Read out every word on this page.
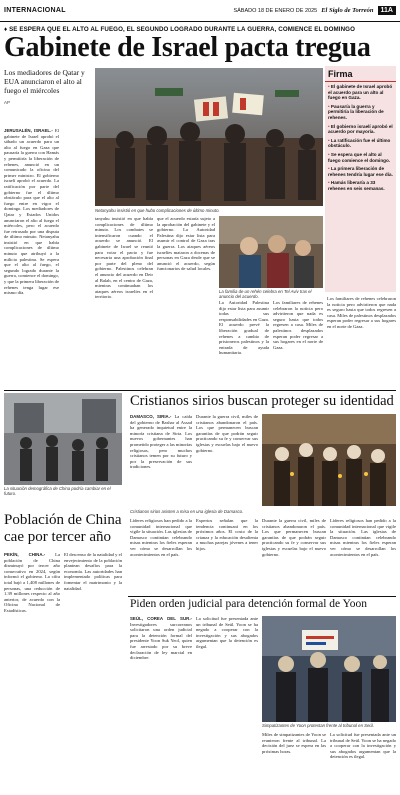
INTERNACIONAL	SÁBADO 18 DE ENERO DE 2025 El Siglo de Torreón	11A
♦ SE ESPERA QUE EL ALTO AL FUEGO, EL SEGUNDO LOGRADO DURANTE LA GUERRA, COMIENCE EL DOMINGO
Gabinete de Israel pacta tregua
Los mediadores de Qatar y EUA anunciaron el alto al fuego el miércoles
AP
JERUSALÉN, ISRAEL.- El gabinete de Israel aprobó el sábado un acuerdo para un alto al fuego en Gaza que pausaría la guerra con Hamás y permitiría la liberación de rehenes, anunció en un comunicado la oficina del primer ministro. El gobierno israelí aprobó el acuerdo. La ratificación por parte del gobierno fue el último obstáculo para que el alto al fuego entre en vigor el domingo. Los mediadores de Qatar y Estados Unidos anunciaron el alto al fuego el miércoles, pero el acuerdo fue retrasado por una disputa de último minuto. Netanyahu insistió en que había complicaciones de último minuto que atribuyó a la milicia palestina. Se espera que el alto al fuego, el segundo logrado durante la guerra, comience el domingo, y que la primera liberación de rehenes tenga lugar ese mismo día.
Netanyahu insistió en que hubo complicaciones de último minuto.
tanyahu insistió en que había complicaciones de último minuto. Los combates se intensificaron cuando el acuerdo se anunció. El gabinete de Israel se reunió para votar el pacto y fue necesaria una aprobación final por parte del pleno del gobierno. Palestinos celebran el anuncio del acuerdo en Deir al Balah, en el centro de Gaza, mientras continuaban los ataques aéreos israelíes en el territorio.
que el acuerdo estaría sujeto a la aprobación del gabinete y el gobierno. La Autoridad Palestina dijo estar lista para asumir el control de Gaza tras la guerra. Los ataques aéreos israelíes mataron a docenas de personas en Gaza desde que se anunció el acuerdo, según funcionarios de salud locales.
La familia de un rehén celebra en Tel Aviv tras el anuncio del acuerdo.
La Autoridad Palestina dijo estar lista para asumir todas sus responsabilidades en Gaza. El acuerdo prevé la liberación gradual de rehenes a cambio de prisioneros palestinos y la entrada de ayuda humanitaria.
Los familiares de rehenes celebraron la noticia pero advirtieron que nada es seguro hasta que todos regresen a casa. Miles de palestinos desplazados esperan poder regresar a sus hogares en el norte de Gaza.
Firma
• El gabinete de Israel aprobó el acuerdo para un alto al fuego en Gaza.
• Pausaría la guerra y permitiría la liberación de rehenes.
• El gobierno israelí aprobó el acuerdo por mayoría.
• La ratificación fue el último obstáculo.
• Se espera que el alto al fuego comience el domingo.
• La primera liberación de rehenes tendría lugar ese día.
• Hamás liberaría a 33 rehenes en seis semanas.
Los familiares de rehenes celebraron la noticia pero advirtieron que nada es seguro hasta que todos regresen a casa. Miles de palestinos desplazados esperan poder regresar a sus hogares en el norte de Gaza.
Cristianos sirios buscan proteger su identidad
La situación demográfica de China podría cambiar en el futuro.
DAMASCO, SIRIA.- La caída del gobierno de Bashar al Assad ha generado inquietud entre la minoría cristiana de Siria. Los nuevos gobernantes han prometido proteger a las minorías religiosas, pero muchos cristianos temen por su futuro y por la preservación de sus tradiciones.
Durante la guerra civil, miles de cristianos abandonaron el país. Los que permanecen buscan garantías de que podrán seguir practicando su fe y conservar sus iglesias y escuelas bajo el nuevo gobierno.
Cristianos sirios asisten a misa en una iglesia de Damasco.
Población de China cae por tercer año
PEKÍN, CHINA.- La población de China disminuyó por tercer año consecutivo en 2024, según informó el gobierno. La cifra total bajó a 1,408 millones de personas, una reducción de 1.39 millones respecto al año anterior, de acuerdo con la Oficina Nacional de Estadísticas.
El descenso de la natalidad y el envejecimiento de la población plantean desafíos para la economía. Las autoridades han implementado políticas para fomentar el matrimonio y la natalidad.
Líderes religiosos han pedido a la comunidad internacional que vigile la situación. Las iglesias de Damasco continúan celebrando misas mientras los fieles esperan ver cómo se desarrollan los acontecimientos en el país.
Expertos señalan que la tendencia continuará en los próximos años. El costo de la crianza y la educación desalienta a muchas parejas jóvenes a tener hijos.
Durante la guerra civil, miles de cristianos abandonaron el país. Los que permanecen buscan garantías de que podrán seguir practicando su fe y conservar sus iglesias y escuelas bajo el nuevo gobierno.
Líderes religiosos han pedido a la comunidad internacional que vigile la situación. Las iglesias de Damasco continúan celebrando misas mientras los fieles esperan ver cómo se desarrollan los acontecimientos en el país.
Piden orden judicial para detención formal de Yoon
SEÚL, COREA DEL SUR.- Investigadores surcoreanos solicitaron una orden judicial para la detención formal del presidente Yoon Suk Yeol, quien fue arrestado por su breve declaración de ley marcial en diciembre.
La solicitud fue presentada ante un tribunal de Seúl. Yoon se ha negado a cooperar con la investigación y sus abogados argumentan que la detención es ilegal.
Simpatizantes de Yoon protestan frente al tribunal en Seúl.
Miles de simpatizantes de Yoon se reunieron frente al tribunal. La decisión del juez se espera en las próximas horas.
La solicitud fue presentada ante un tribunal de Seúl. Yoon se ha negado a cooperar con la investigación y sus abogados argumentan que la detención es ilegal.
